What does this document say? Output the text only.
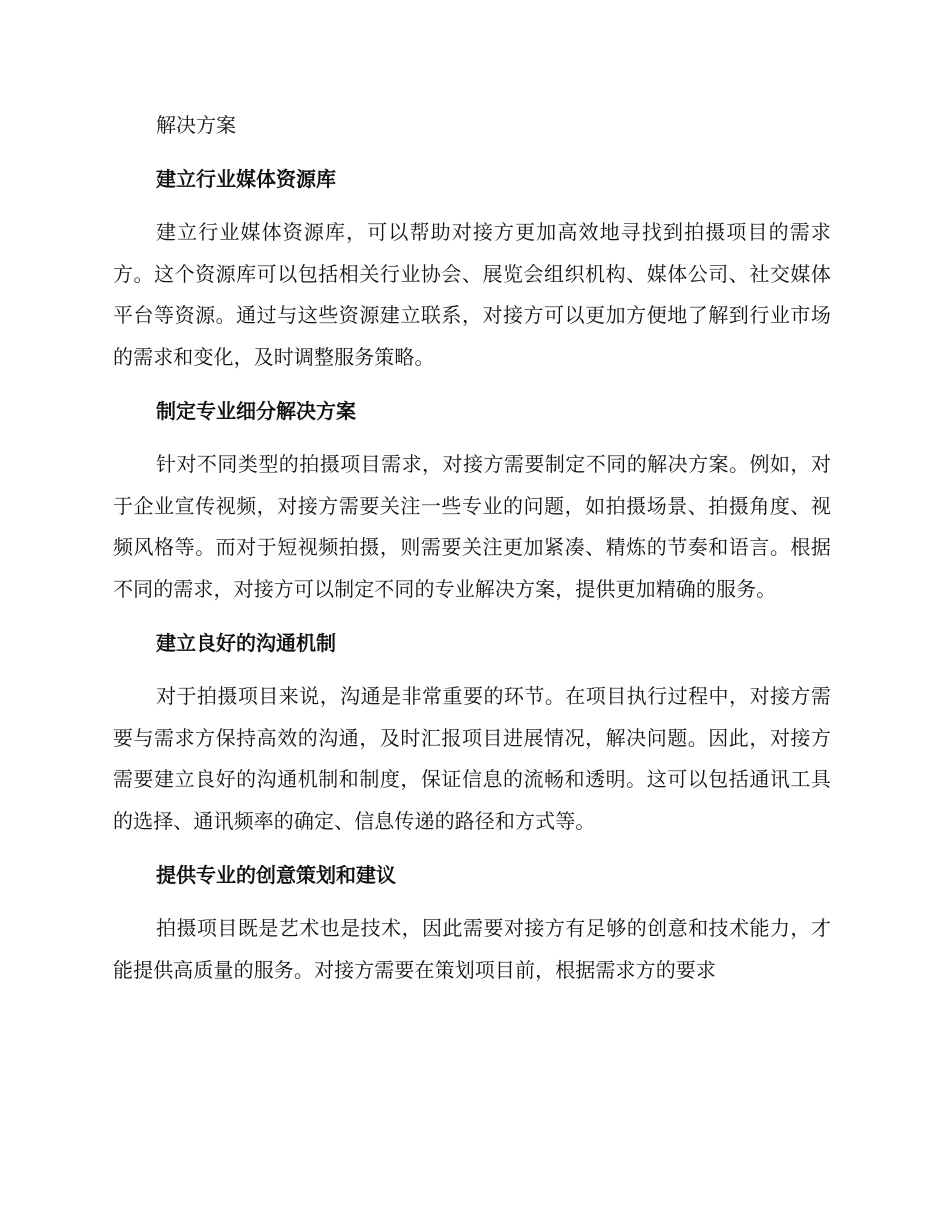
解决方案
建立行业媒体资源库

建立行业媒体资源库，可以帮助对接方更加高效地寻找到拍摄项目的需求方。这个资源库可以包括相关行业协会、展览会组织机构、媒体公司、社交媒体平台等资源。通过与这些资源建立联系，对接方可以更加方便地了解到行业市场的需求和变化，及时调整服务策略。

制定专业细分解决方案

针对不同类型的拍摄项目需求，对接方需要制定不同的解决方案。例如，对于企业宣传视频，对接方需要关注一些专业的问题，如拍摄场景、拍摄角度、视频风格等。而对于短视频拍摄，则需要关注更加紧凑、精炼的节奏和语言。根据不同的需求，对接方可以制定不同的专业解决方案，提供更加精确的服务。

建立良好的沟通机制

对于拍摄项目来说，沟通是非常重要的环节。在项目执行过程中，对接方需要与需求方保持高效的沟通，及时汇报项目进展情况，解决问题。因此，对接方需要建立良好的沟通机制和制度，保证信息的流畅和透明。这可以包括通讯工具的选择、通讯频率的确定、信息传递的路径和方式等。

提供专业的创意策划和建议

拍摄项目既是艺术也是技术，因此需要对接方有足够的创意和技术能力，才能提供高质量的服务。对接方需要在策划项目前，根据需求方的要求
